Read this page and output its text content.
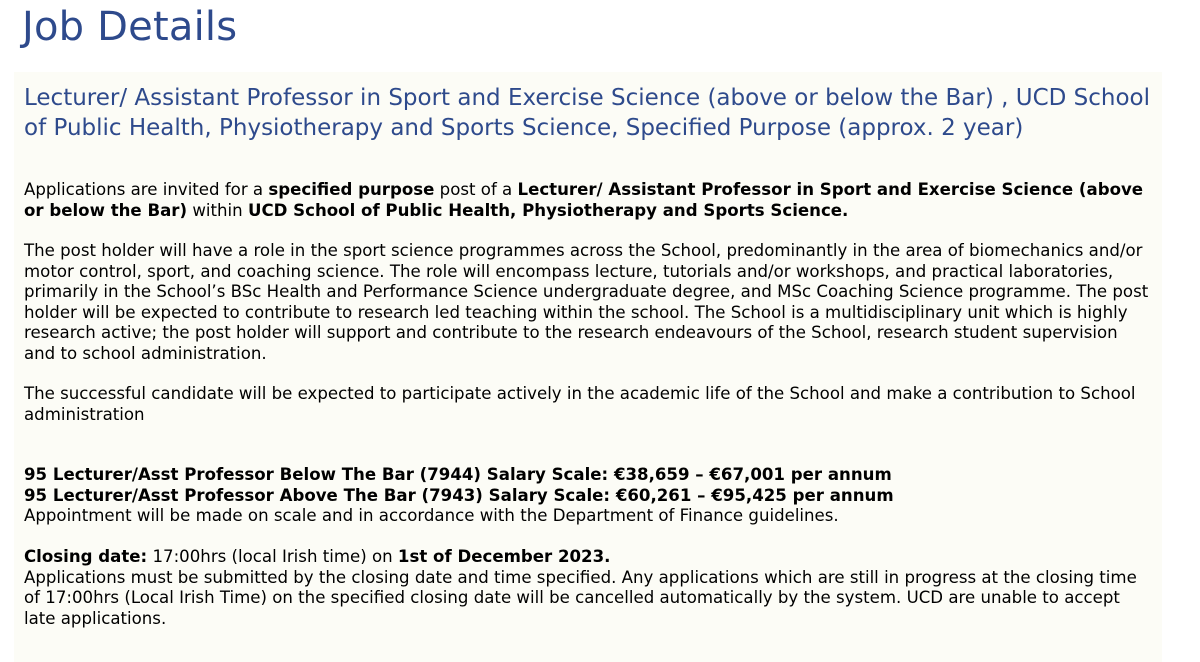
Job Details
Lecturer/ Assistant Professor in Sport and Exercise Science (above or below the Bar) , UCD School of Public Health, Physiotherapy and Sports Science, Specified Purpose (approx. 2 year)

Applications are invited for a specified purpose post of a Lecturer/ Assistant Professor in Sport and Exercise Science (above or below the Bar) within UCD School of Public Health, Physiotherapy and Sports Science.

The post holder will have a role in the sport science programmes across the School, predominantly in the area of biomechanics and/or motor control, sport, and coaching science. The role will encompass lecture, tutorials and/or workshops, and practical laboratories, primarily in the School’s BSc Health and Performance Science undergraduate degree, and MSc Coaching Science programme. The post holder will be expected to contribute to research led teaching within the school. The School is a multidisciplinary unit which is highly research active; the post holder will support and contribute to the research endeavours of the School, research student supervision and to school administration.

The successful candidate will be expected to participate actively in the academic life of the School and make a contribution to School administration

95 Lecturer/Asst Professor Below The Bar (7944) Salary Scale: €38,659 – €67,001 per annum
95 Lecturer/Asst Professor Above The Bar (7943) Salary Scale: €60,261 – €95,425 per annum
Appointment will be made on scale and in accordance with the Department of Finance guidelines.

Closing date: 17:00hrs (local Irish time) on 1st of December 2023.
Applications must be submitted by the closing date and time specified. Any applications which are still in progress at the closing time of 17:00hrs (Local Irish Time) on the specified closing date will be cancelled automatically by the system. UCD are unable to accept late applications.
